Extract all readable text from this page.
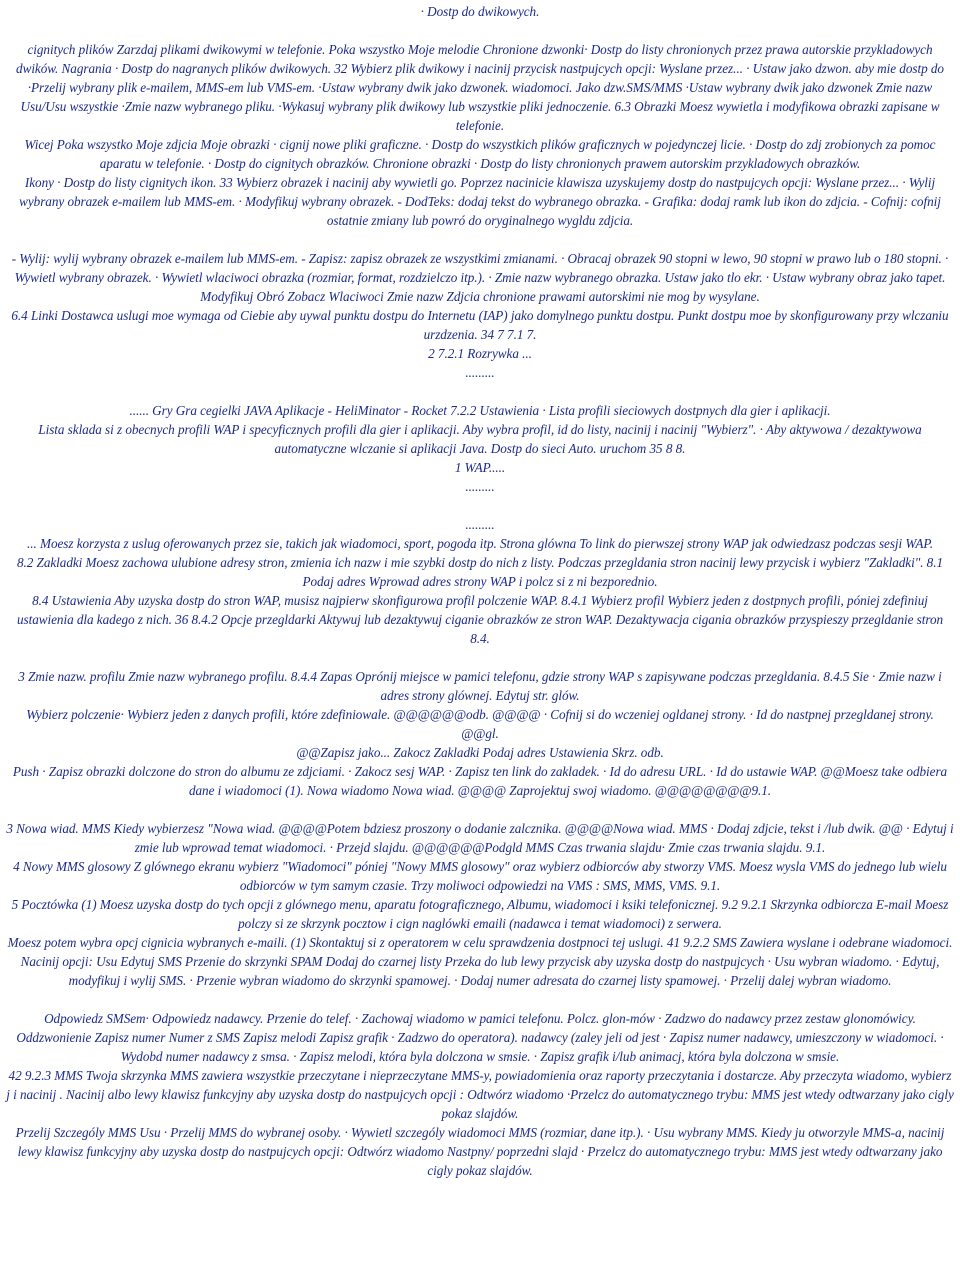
· Dostp do dwikowych.

cignitych plików Zarzdaj plikami dwikowymi w telefonie. Poka wszystko Moje melodie Chronione dzwonki· Dostp do listy chronionych przez prawa autorskie przykladowych dwików. Nagrania · Dostp do nagranych plików dwikowych. 32 Wybierz plik dwikowy i nacinij przycisk nastpujcych opcji: Wyslane przez... · Ustaw jako dzwon. aby mie dostp do ·Przelij wybrany plik e-mailem, MMS-em lub VMS-em. ·Ustaw wybrany dwik jako dzwonek. wiadomoci. Jako dzw.SMS/MMS ·Ustaw wybrany dwik jako dzwonek Zmie nazw Usu/Usu wszystkie ·Zmie nazw wybranego pliku. ·Wykasuj wybrany plik dwikowy lub wszystkie pliki jednoczenie. 6.3 Obrazki Moesz wywietla i modyfikowa obrazki zapisane w telefonie.

Wicej Poka wszystko Moje zdjcia Moje obrazki · cignij nowe pliki graficzne. · Dostp do wszystkich plików graficznych w pojedynczej licie. · Dostp do zdj zrobionych za pomoc aparatu w telefonie. · Dostp do cignitych obrazków. Chronione obrazki · Dostp do listy chronionych prawem autorskim przykladowych obrazków.

Ikony · Dostp do listy cignitych ikon. 33 Wybierz obrazek i nacinij aby wywietli go. Poprzez nacinicie klawisza uzyskujemy dostp do nastpujcych opcji: Wyslane przez... · Wylij wybrany obrazek e-mailem lub MMS-em. · Modyfikuj wybrany obrazek. - DodTeks: dodaj tekst do wybranego obrazka. - Grafika: dodaj ramk lub ikon do zdjcia. - Cofnij: cofnij ostatnie zmiany lub powró do oryginalnego wygldu zdjcia.

- Wylij: wylij wybrany obrazek e-mailem lub MMS-em. - Zapisz: zapisz obrazek ze wszystkimi zmianami. · Obracaj obrazek 90 stopni w lewo, 90 stopni w prawo lub o 180 stopni. · Wywietl wybrany obrazek. · Wywietl wlaciwoci obrazka (rozmiar, format, rozdzielczo itp.). · Zmie nazw wybranego obrazka. Ustaw jako tlo ekr. · Ustaw wybrany obraz jako tapet. Modyfikuj Obró Zobacz Wlaciwoci Zmie nazw Zdjcia chronione prawami autorskimi nie mog by wysylane.

6.4 Linki Dostawca uslugi moe wymaga od Ciebie aby uywal punktu dostpu do Internetu (IAP) jako domylnego punktu dostpu. Punkt dostpu moe by skonfigurowany przy wlczaniu urzdzenia. 34 7 7.1 7.

2 7.2.1 Rozrywka ...

.........

...... Gry Gra cegielki JAVA Aplikacje - HeliMinator - Rocket 7.2.2 Ustawienia · Lista profili sieciowych dostpnych dla gier i aplikacji.

Lista sklada si z obecnych profili WAP i specyficznych profili dla gier i aplikacji. Aby wybra profil, id do listy, nacinij i nacinij "Wybierz". · Aby aktywowa / dezaktywowa automatyczne wlczanie si aplikacji Java. Dostp do sieci Auto. uruchom 35 8 8.

1 WAP.....

.........

.........

... Moesz korzysta z uslug oferowanych przez sie, takich jak wiadomoci, sport, pogoda itp. Strona glówna To link do pierwszej strony WAP jak odwiedzasz podczas sesji WAP.

8.2 Zakladki Moesz zachowa ulubione adresy stron, zmienia ich nazw i mie szybki dostp do nich z listy. Podczas przegldania stron nacinij lewy przycisk i wybierz "Zakladki". 8.1 Podaj adres Wprowad adres strony WAP i polcz si z ni bezporednio.

8.4 Ustawienia Aby uzyska dostp do stron WAP, musisz najpierw skonfigurowa profil polczenie WAP. 8.4.1 Wybierz profil Wybierz jeden z dostpnych profili, póniej zdefiniuj ustawienia dla kadego z nich. 36 8.4.2 Opcje przegldarki Aktywuj lub dezaktywuj ciganie obrazków ze stron WAP. Dezaktywacja cigania obrazków przyspieszy przegldanie stron 8.4.

3 Zmie nazw. profilu Zmie nazw wybranego profilu. 8.4.4 Zapas Oprónij miejsce w pamici telefonu, gdzie strony WAP s zapisywane podczas przegldania. 8.4.5 Sie · Zmie nazw i adres strony glównej. Edytuj str. glów.

Wybierz polczenie· Wybierz jeden z danych profili, które zdefiniowale. @@@@@@odb. @@@@ · Cofnij si do wczeniej ogldanej strony. · Id do nastpnej przegldanej strony. @@gl.

@@Zapisz jako... Zakocz Zakladki Podaj adres Ustawienia Skrz. odb.

Push · Zapisz obrazki dolczone do stron do albumu ze zdjciami. · Zakocz sesj WAP. · Zapisz ten link do zakladek. · Id do adresu URL. · Id do ustawie WAP. @@Moesz take odbiera dane i wiadomoci (1). Nowa wiadomo Nowa wiad. @@@@ Zaprojektuj swoj wiadomo. @@@@@@@@9.1.

3 Nowa wiad. MMS Kiedy wybierzesz "Nowa wiad. @@@@Potem bdziesz proszony o dodanie zalcznika. @@@@Nowa wiad. MMS · Dodaj zdjcie, tekst i /lub dwik. @@ · Edytuj i zmie lub wprowad temat wiadomoci. · Przejd slajdu. @@@@@@Podgld MMS Czas trwania slajdu· Zmie czas trwania slajdu. 9.1.

4 Nowy MMS glosowy Z glównego ekranu wybierz "Wiadomoci" póniej "Nowy MMS glosowy" oraz wybierz odbiorców aby stworzy VMS. Moesz wysla VMS do jednego lub wielu odbiorców w tym samym czasie. Trzy moliwoci odpowiedzi na VMS : SMS, MMS, VMS. 9.1.

5 Pocztówka (1) Moesz uzyska dostp do tych opcji z glównego menu, aparatu fotograficznego, Albumu, wiadomoci i ksiki telefonicznej. 9.2 9.2.1 Skrzynka odbiorcza E-mail Moesz polczy si ze skrzynk pocztow i cign naglówki emaili (nadawca i temat wiadomoci) z serwera.

Moesz potem wybra opcj cignicia wybranych e-maili. (1) Skontaktuj si z operatorem w celu sprawdzenia dostpnoci tej uslugi. 41 9.2.2 SMS Zawiera wyslane i odebrane wiadomoci. Nacinij opcji: Usu Edytuj SMS Przenie do skrzynki SPAM Dodaj do czarnej listy Przeka do lub lewy przycisk aby uzyska dostp do nastpujcych · Usu wybran wiadomo. · Edytuj, modyfikuj i wylij SMS. · Przenie wybran wiadomo do skrzynki spamowej. · Dodaj numer adresata do czarnej listy spamowej. · Przelij dalej wybran wiadomo.

Odpowiedz SMSem· Odpowiedz nadawcy. Przenie do telef. · Zachowaj wiadomo w pamici telefonu. Polcz. glon-mów · Zadzwo do nadawcy przez zestaw glonomówicy. Oddzwonienie Zapisz numer Numer z SMS Zapisz melodi Zapisz grafik · Zadzwo do operatora). nadawcy (zaley jeli od jest · Zapisz numer nadawcy, umieszczony w wiadomoci. · Wydobd numer nadawcy z smsa. · Zapisz melodi, która byla dolczona w smsie. · Zapisz grafik i/lub animacj, która byla dolczona w smsie.

42 9.2.3 MMS Twoja skrzynka MMS zawiera wszystkie przeczytane i nieprzeczytane MMS-y, powiadomienia oraz raporty przeczytania i dostarcze. Aby przeczyta wiadomo, wybierz j i nacinij . Nacinij albo lewy klawisz funkcyjny aby uzyska dostp do nastpujcych opcji : Odtwórz wiadomo ·Przelcz do automatycznego trybu: MMS jest wtedy odtwarzany jako cigly pokaz slajdów.

Przelij Szczególy MMS Usu · Przelij MMS do wybranej osoby. · Wywietl szczególy wiadomoci MMS (rozmiar, dane itp.). · Usu wybrany MMS. Kiedy ju otworzyle MMS-a, nacinij lewy klawisz funkcyjny aby uzyska dostp do nastpujcych opcji: Odtwórz wiadomo Nastpny/ poprzedni slajd · Przelcz do automatycznego trybu: MMS jest wtedy odtwarzany jako cigly pokaz slajdów.
